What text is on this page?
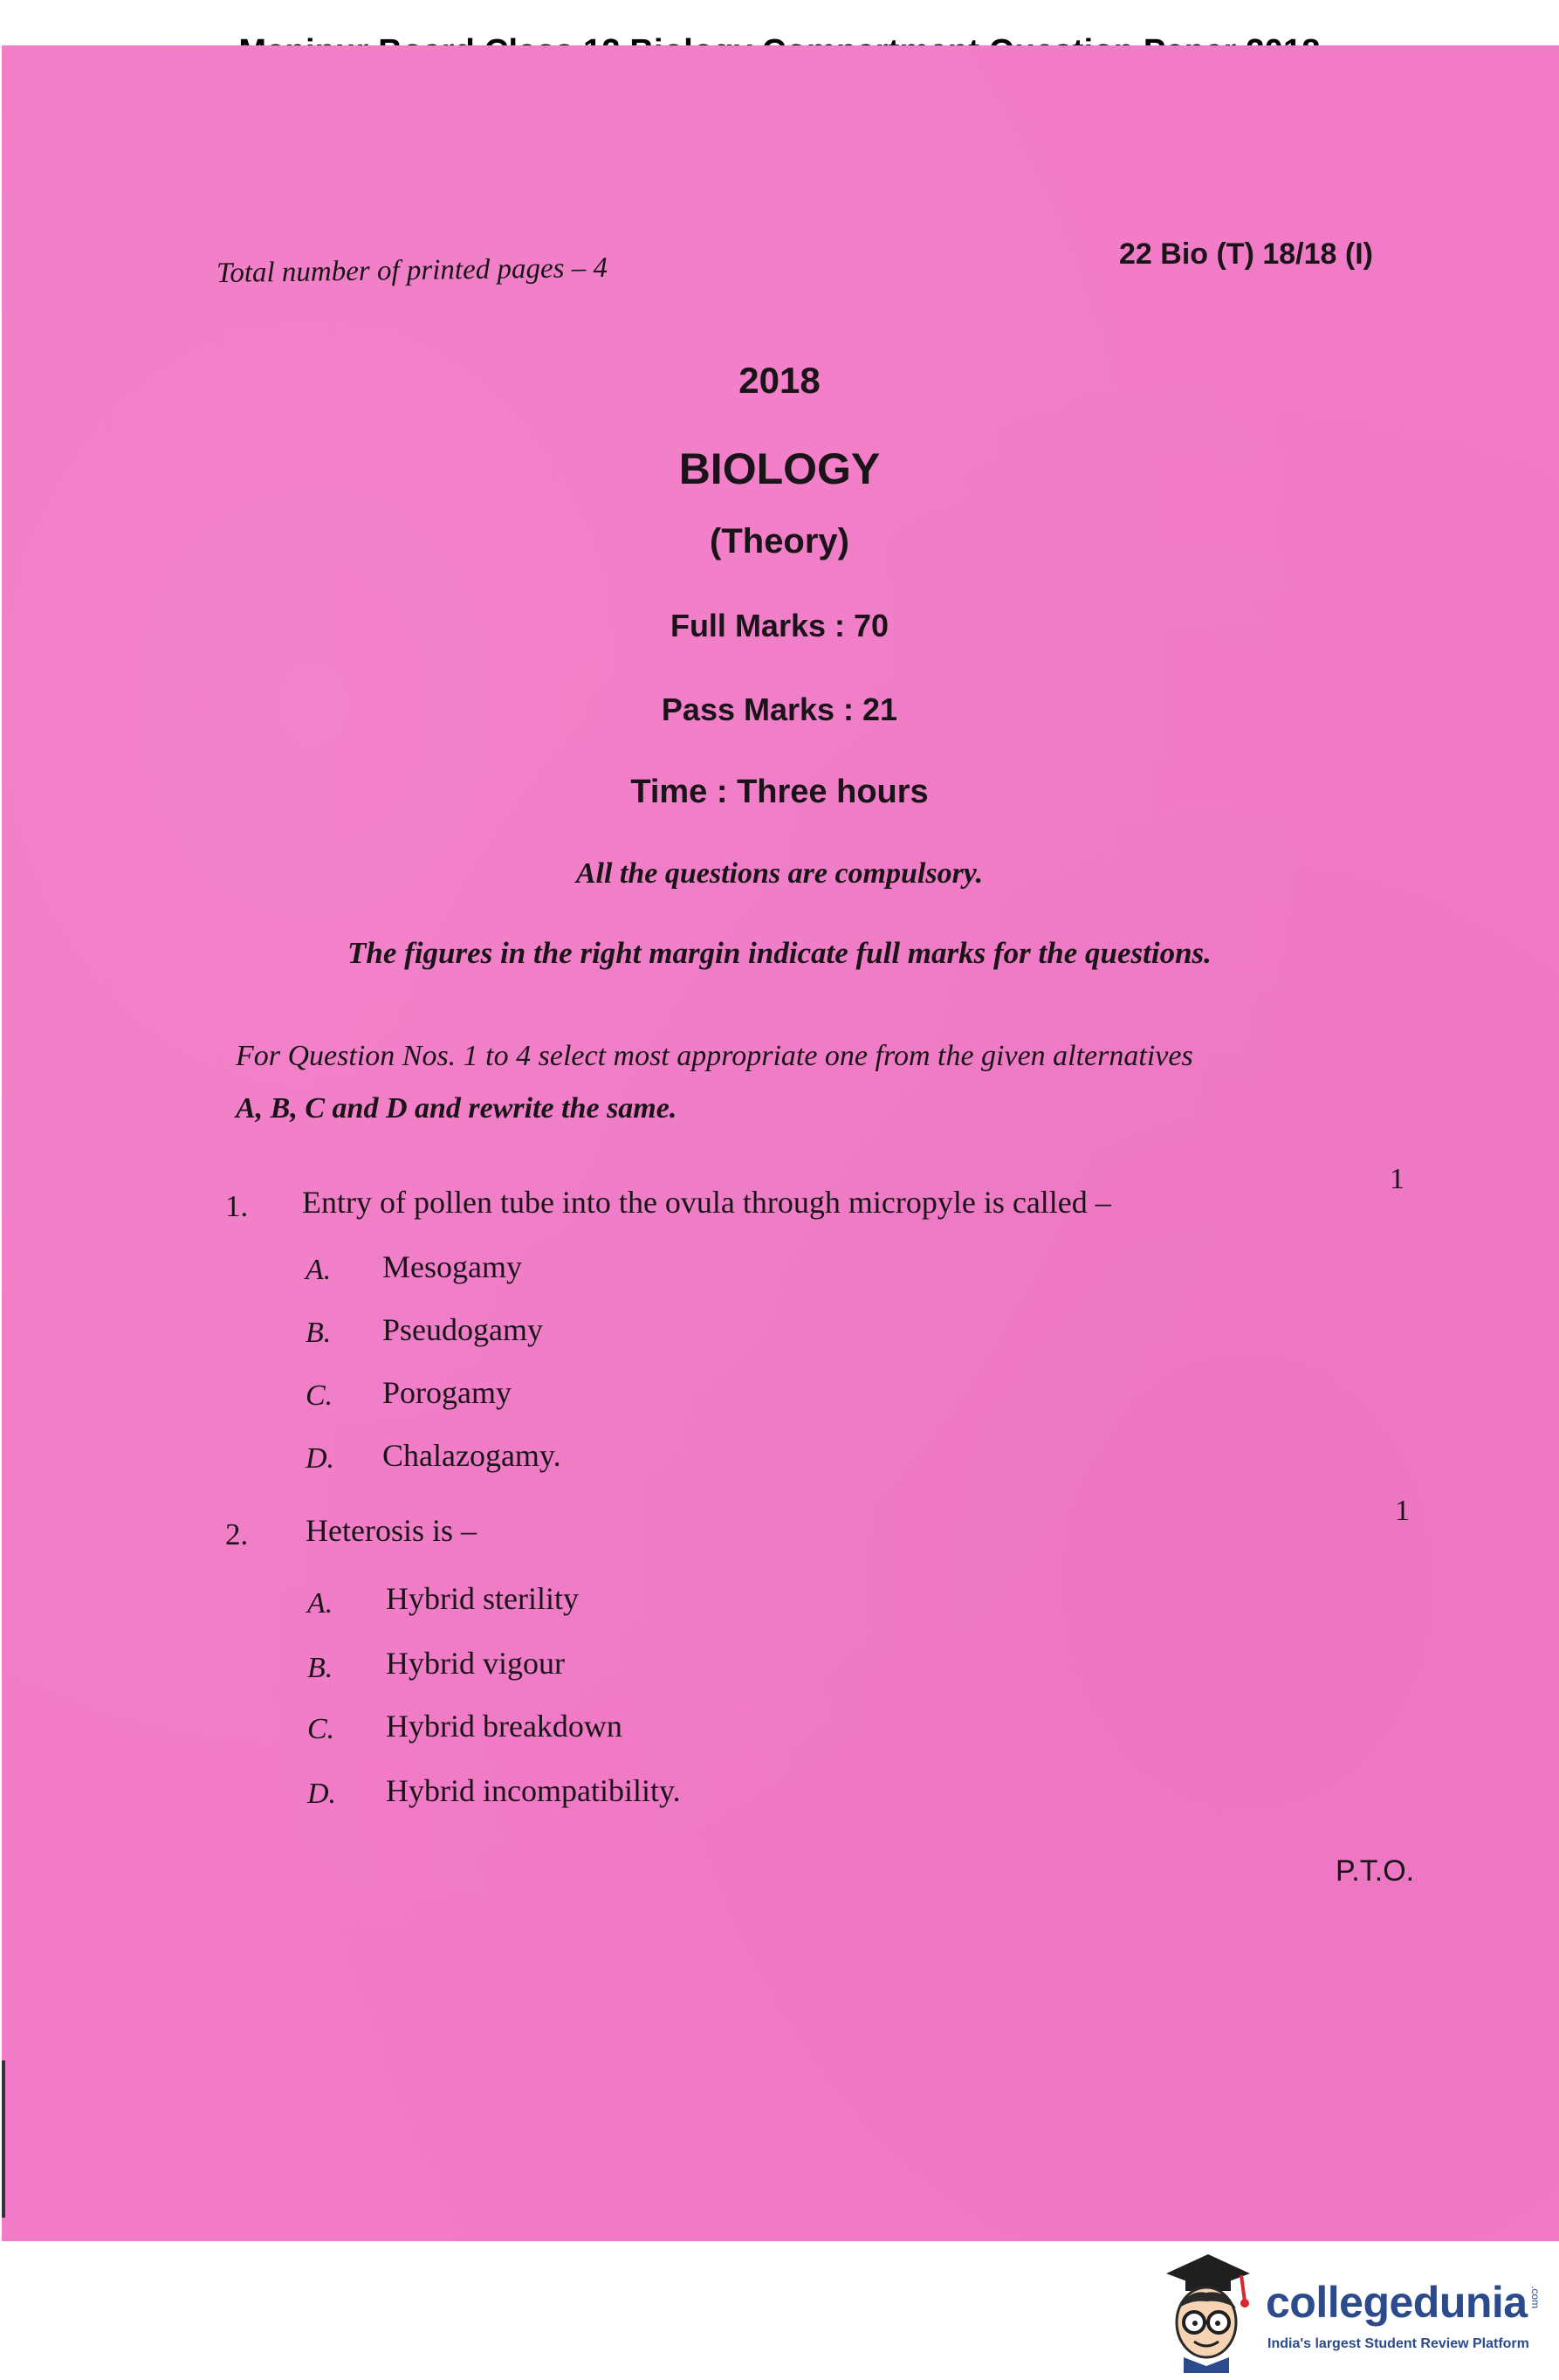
Total number of printed pages – 4	22 Bio (T) 18/18 (I)
2018
BIOLOGY
(Theory)
Full Marks : 70
Pass Marks : 21
Time : Three hours
All the questions are compulsory.
The figures in the right margin indicate full marks for the questions.
For Question Nos. 1 to 4 select most appropriate one from the given alternatives
A, B, C and D and rewrite the same.
1. Entry of pollen tube into the ovula through micropyle is called –
1
A. Mesogamy
B. Pseudogamy
C. Porogamy
D. Chalazogamy.
2. Heterosis is –
1
A. Hybrid sterility
B. Hybrid vigour
C. Hybrid breakdown
D. Hybrid incompatibility.
P.T.O.
collegedunia .com
India's largest Student Review Platform
